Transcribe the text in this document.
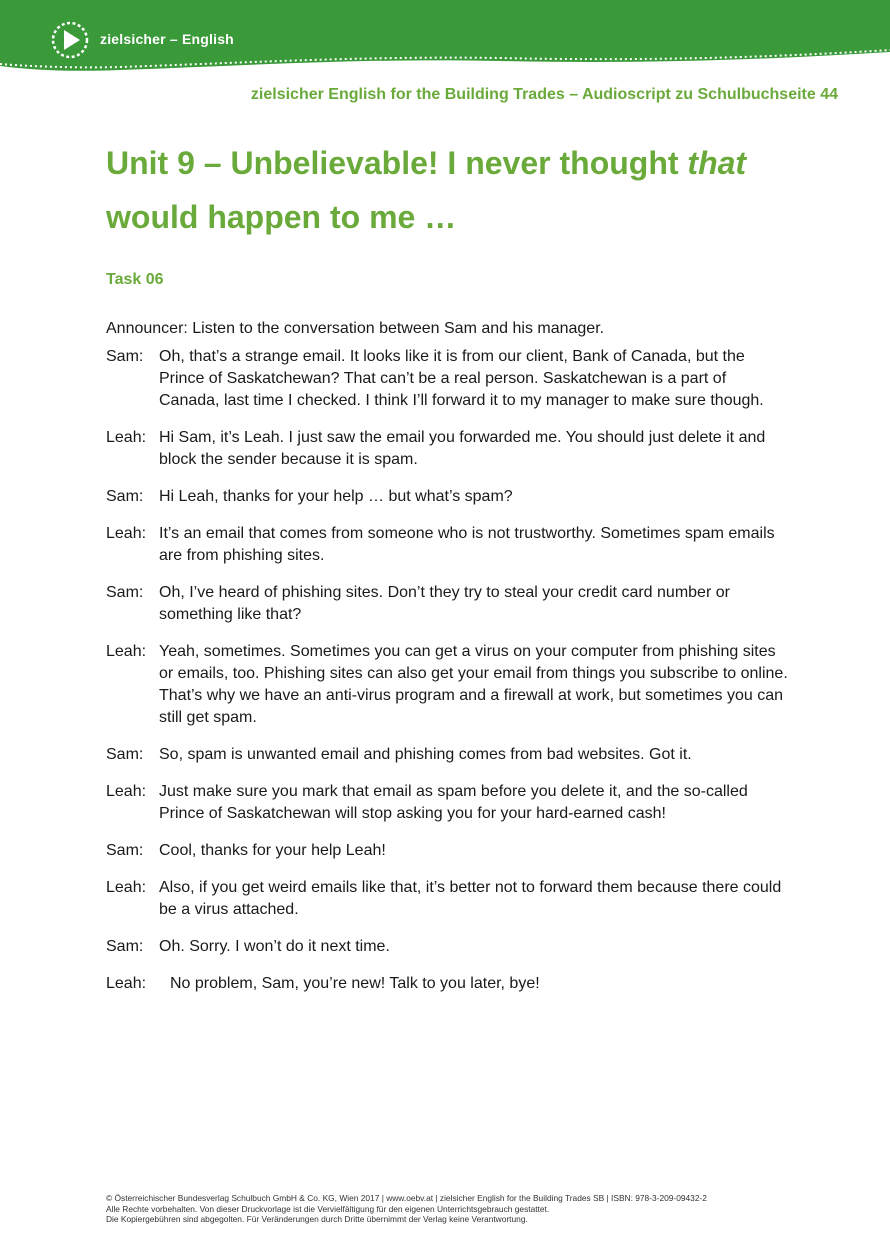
zielsicher – English
zielsicher English for the Building Trades – Audioscript zu Schulbuchseite 44
Unit 9 – Unbelievable! I never thought that would happen to me …
Task 06
Announcer: Listen to the conversation between Sam and his manager.
Sam: Oh, that’s a strange email. It looks like it is from our client, Bank of Canada, but the Prince of Saskatchewan? That can’t be a real person. Saskatchewan is a part of Canada, last time I checked. I think I’ll forward it to my manager to make sure though.
Leah: Hi Sam, it’s Leah. I just saw the email you forwarded me. You should just delete it and block the sender because it is spam.
Sam: Hi Leah, thanks for your help … but what’s spam?
Leah: It’s an email that comes from someone who is not trustworthy. Sometimes spam emails are from phishing sites.
Sam: Oh, I’ve heard of phishing sites. Don’t they try to steal your credit card number or something like that?
Leah: Yeah, sometimes. Sometimes you can get a virus on your computer from phishing sites or emails, too. Phishing sites can also get your email from things you subscribe to online. That’s why we have an anti-virus program and a firewall at work, but sometimes you can still get spam.
Sam: So, spam is unwanted email and phishing comes from bad websites. Got it.
Leah: Just make sure you mark that email as spam before you delete it, and the so-called Prince of Saskatchewan will stop asking you for your hard-earned cash!
Sam: Cool, thanks for your help Leah!
Leah: Also, if you get weird emails like that, it’s better not to forward them because there could be a virus attached.
Sam: Oh. Sorry. I won’t do it next time.
Leah:	No problem, Sam, you’re new! Talk to you later, bye!
© Österreichischer Bundesverlag Schulbuch GmbH & Co. KG, Wien 2017 | www.oebv.at | zielsicher English for the Building Trades SB | ISBN: 978-3-209-09432-2
Alle Rechte vorbehalten. Von dieser Druckvorlage ist die Vervielfältigung für den eigenen Unterrichtsgebrauch gestattet.
Die Kopiergebühren sind abgegolten. Für Veränderungen durch Dritte übernimmt der Verlag keine Verantwortung.
